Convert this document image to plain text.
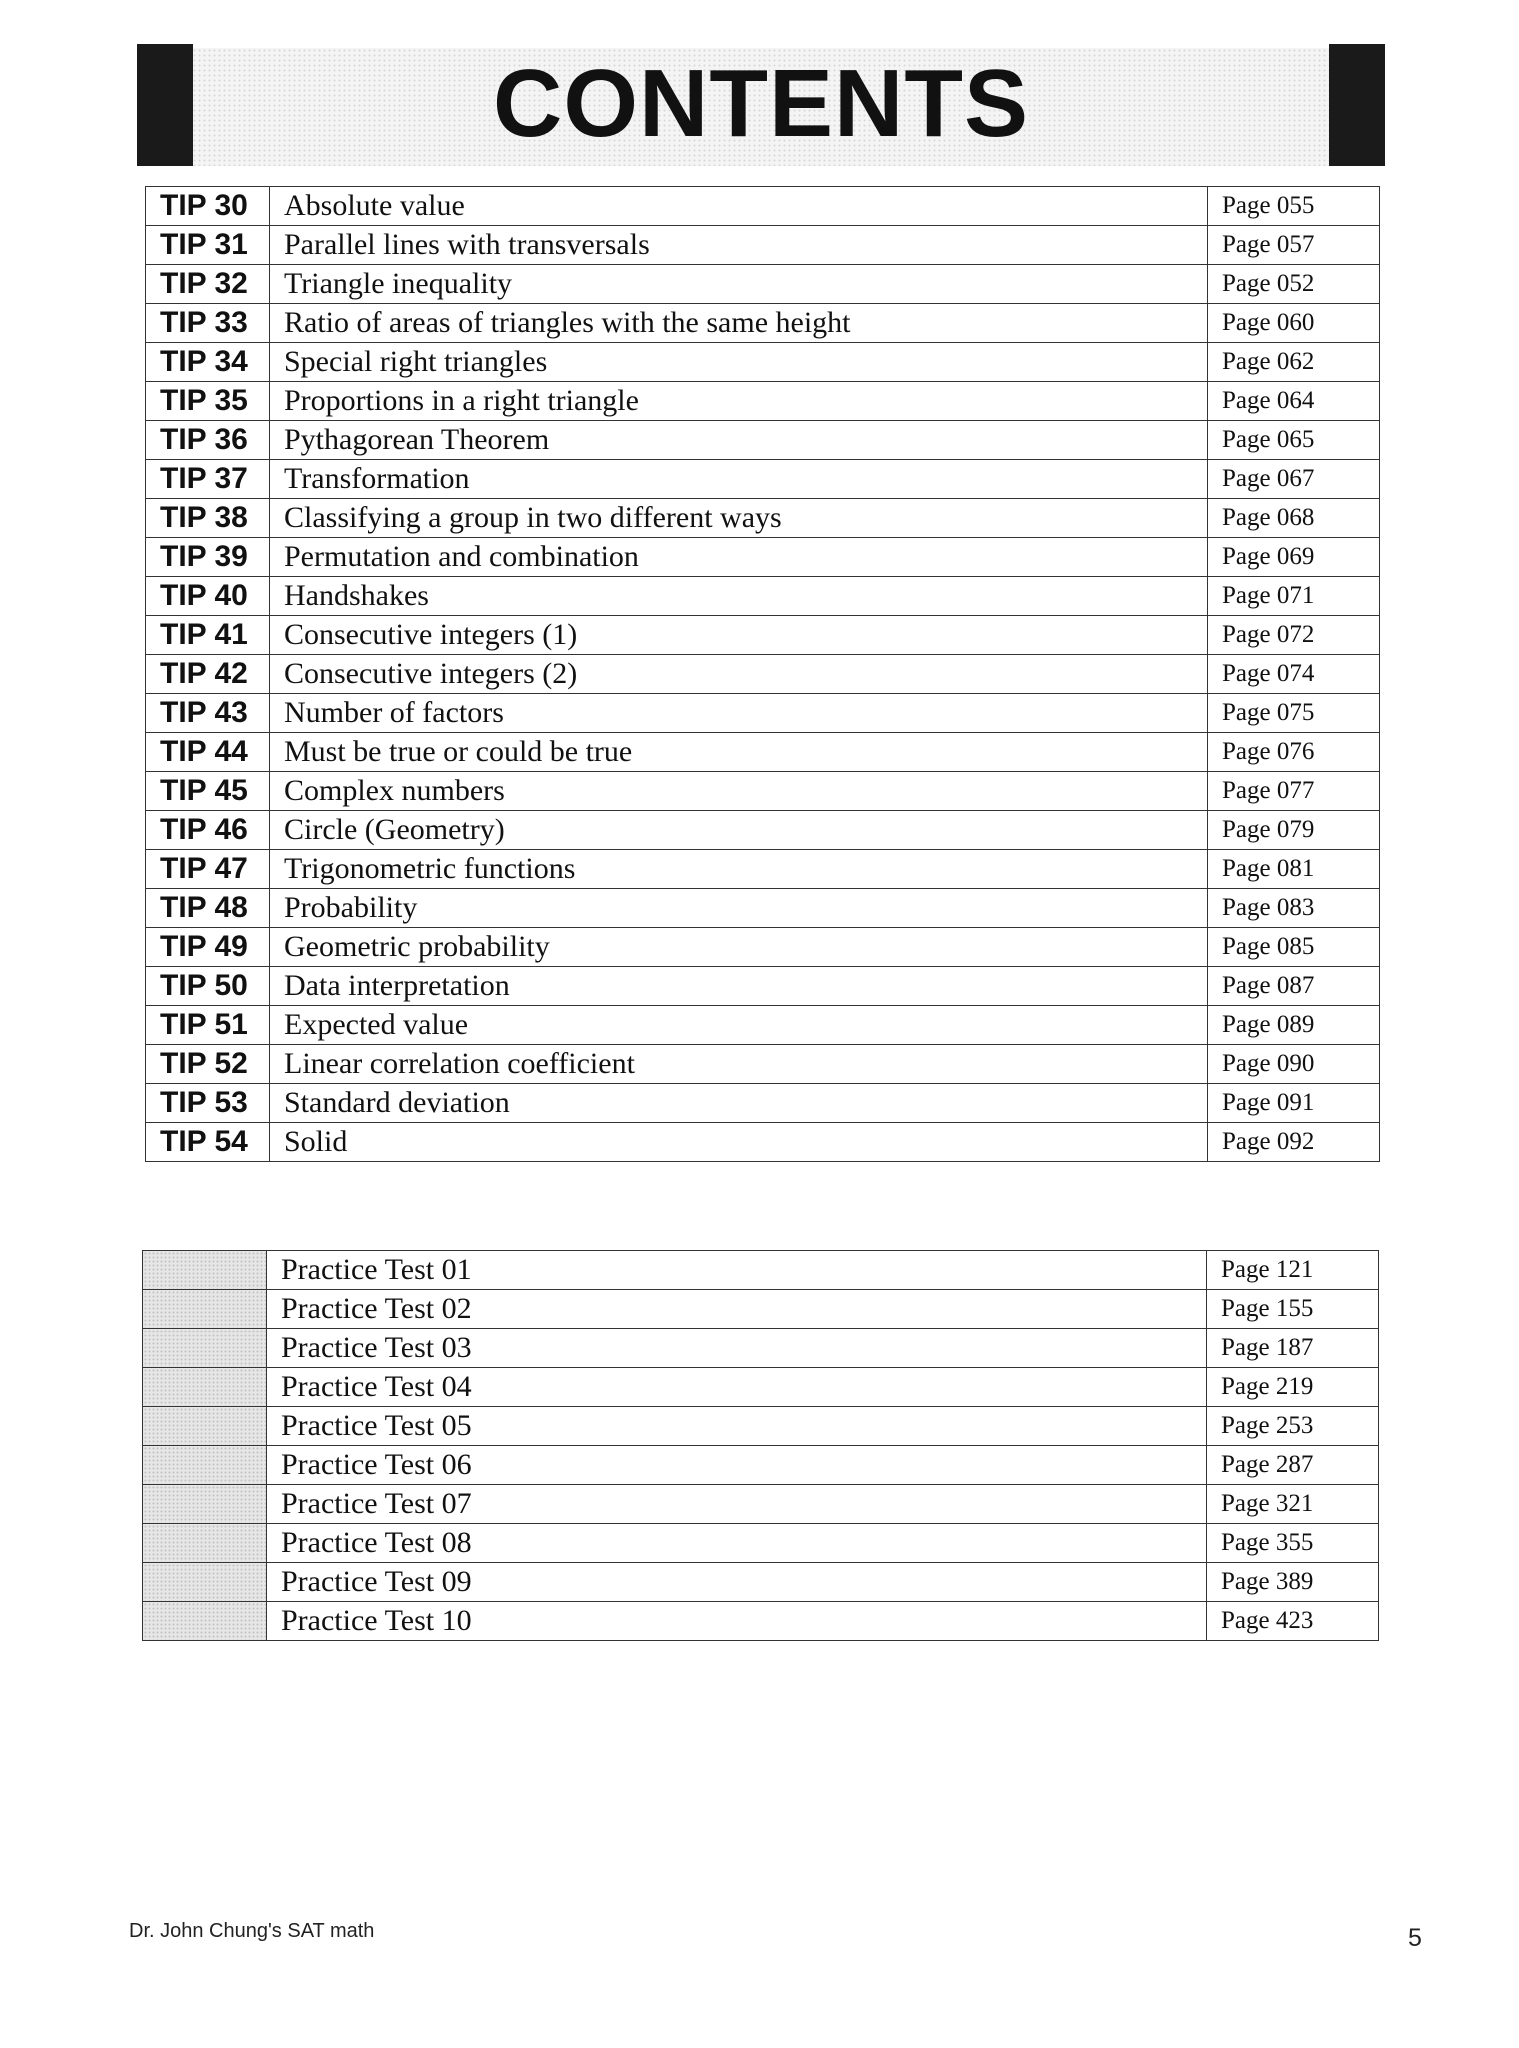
CONTENTS
TIP 30	Absolute value	Page 055
TIP 31	Parallel lines with transversals	Page 057
TIP 32	Triangle inequality	Page 052
TIP 33	Ratio of areas of triangles with the same height	Page 060
TIP 34	Special right triangles	Page 062
TIP 35	Proportions in a right triangle	Page 064
TIP 36	Pythagorean Theorem	Page 065
TIP 37	Transformation	Page 067
TIP 38	Classifying a group in two different ways	Page 068
TIP 39	Permutation and combination	Page 069
TIP 40	Handshakes	Page 071
TIP 41	Consecutive integers (1)	Page 072
TIP 42	Consecutive integers (2)	Page 074
TIP 43	Number of factors	Page 075
TIP 44	Must be true or could be true	Page 076
TIP 45	Complex numbers	Page 077
TIP 46	Circle (Geometry)	Page 079
TIP 47	Trigonometric functions	Page 081
TIP 48	Probability	Page 083
TIP 49	Geometric probability	Page 085
TIP 50	Data interpretation	Page 087
TIP 51	Expected value	Page 089
TIP 52	Linear correlation coefficient	Page 090
TIP 53	Standard deviation	Page 091
TIP 54	Solid	Page 092
	Practice Test 01	Page 121
	Practice Test 02	Page 155
	Practice Test 03	Page 187
	Practice Test 04	Page 219
	Practice Test 05	Page 253
	Practice Test 06	Page 287
	Practice Test 07	Page 321
	Practice Test 08	Page 355
	Practice Test 09	Page 389
	Practice Test 10	Page 423
Dr. John Chung's SAT math	5
